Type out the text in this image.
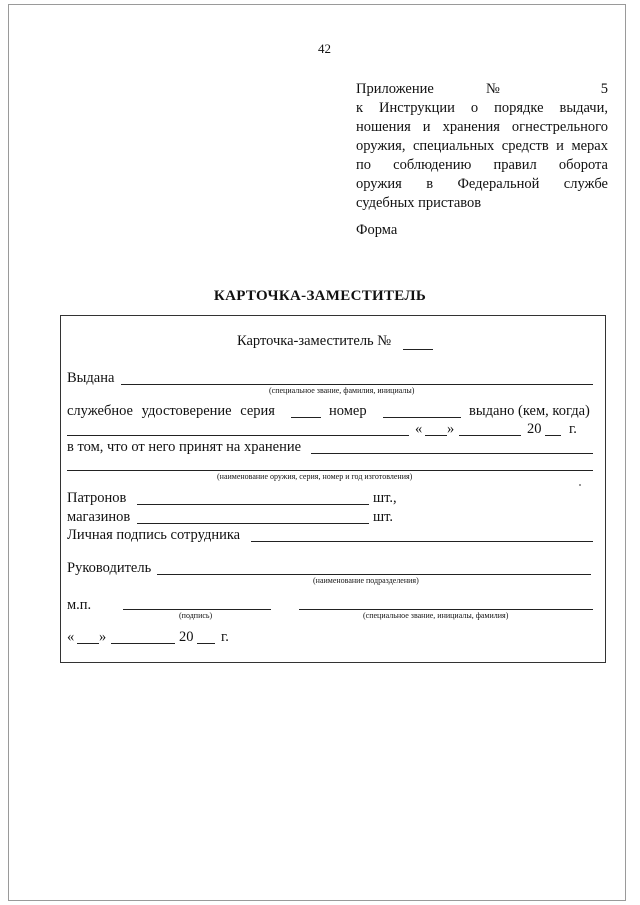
42
Приложение № 5
к Инструкции о порядке выдачи,
ношения и хранения огнестрельного
оружия, специальных средств и мерах
по соблюдению правил оборота
оружия в Федеральной службе
судебных приставов
Форма
КАРТОЧКА-ЗАМЕСТИТЕЛЬ
Карточка-заместитель №
Выдана
(специальное звание, фамилия, инициалы)
служебное удостоверение серия	номер	выдано (кем, когда)
« »	20 г.
в том, что от него принят на хранение
(наименование оружия, серия, номер и год изготовления)
Патронов	шт.,
магазинов	шт.
Личная подпись сотрудника
Руководитель
(наименование подразделения)
м.п.
(подпись)	(специальное звание, инициалы, фамилия)
« »	20 г.
